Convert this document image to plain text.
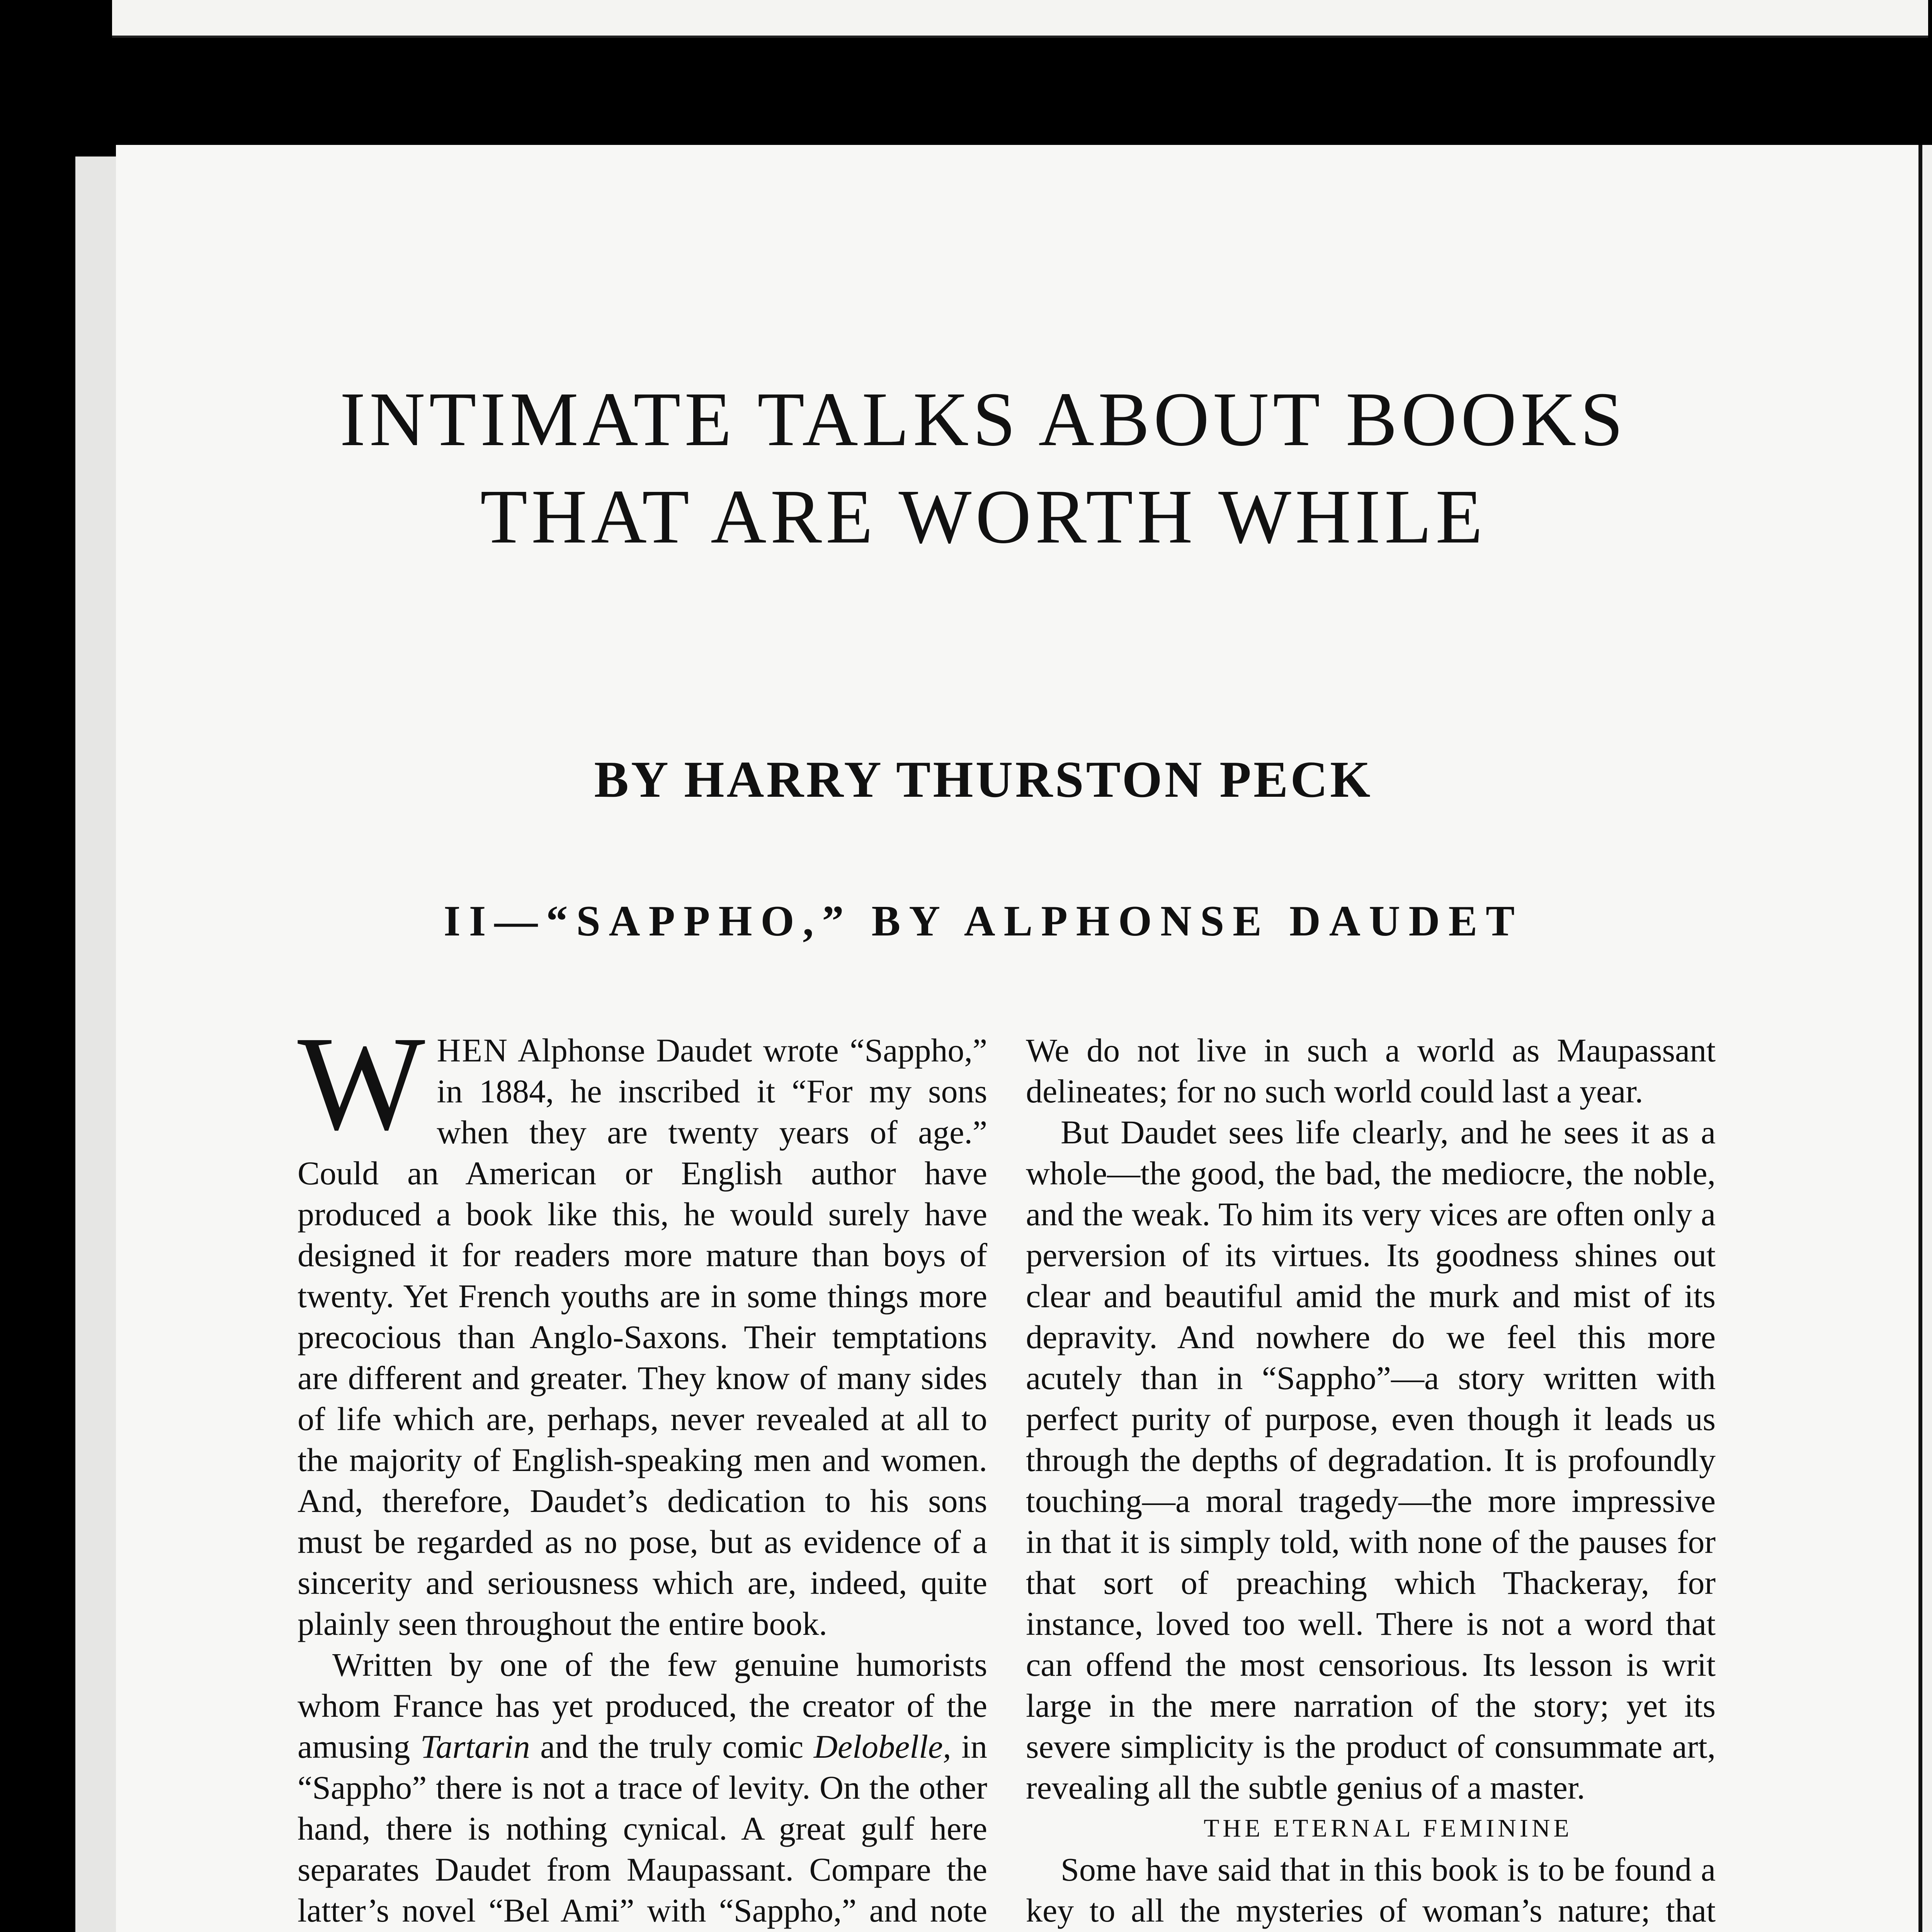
INTIMATE TALKS ABOUT BOOKS
THAT ARE WORTH WHILE
BY HARRY THURSTON PECK
II—“SAPPHO,” BY ALPHONSE DAUDET

WHEN Alphonse Daudet wrote “Sappho,” in 1884, he inscribed it “For my sons when they are twenty years of age.” Could an American or English author have produced a book like this, he would surely have designed it for readers more mature than boys of twenty. Yet French youths are in some things more precocious than Anglo-Saxons. Their temptations are different and greater. They know of many sides of life which are, perhaps, never revealed at all to the majority of English-speaking men and women. And, therefore, Daudet’s dedication to his sons must be regarded as no pose, but as evidence of a sincerity and seriousness which are, indeed, quite plainly seen throughout the entire book.

Written by one of the few genuine humorists whom France has yet produced, the creator of the amusing Tartarin and the truly comic Delobelle, in “Sappho” there is not a trace of levity. On the other hand, there is nothing cynical. A great gulf here separates Daudet from Maupassant. Compare the latter’s novel “Bel Ami” with “Sappho,” and note

We do not live in such a world as Maupassant delineates; for no such world could last a year.

But Daudet sees life clearly, and he sees it as a whole—the good, the bad, the mediocre, the noble, and the weak. To him its very vices are often only a perversion of its virtues. Its goodness shines out clear and beautiful amid the murk and mist of its depravity. And nowhere do we feel this more acutely than in “Sappho”—a story written with perfect purity of purpose, even though it leads us through the depths of degradation. It is profoundly touching—a moral tragedy—the more impressive in that it is simply told, with none of the pauses for that sort of preaching which Thackeray, for instance, loved too well. There is not a word that can offend the most censorious. Its lesson is writ large in the mere narration of the story; yet its severe simplicity is the product of consummate art, revealing all the subtle genius of a master.

THE ETERNAL FEMININE

Some have said that in this book is to be found a key to all the mysteries of woman’s nature; that
